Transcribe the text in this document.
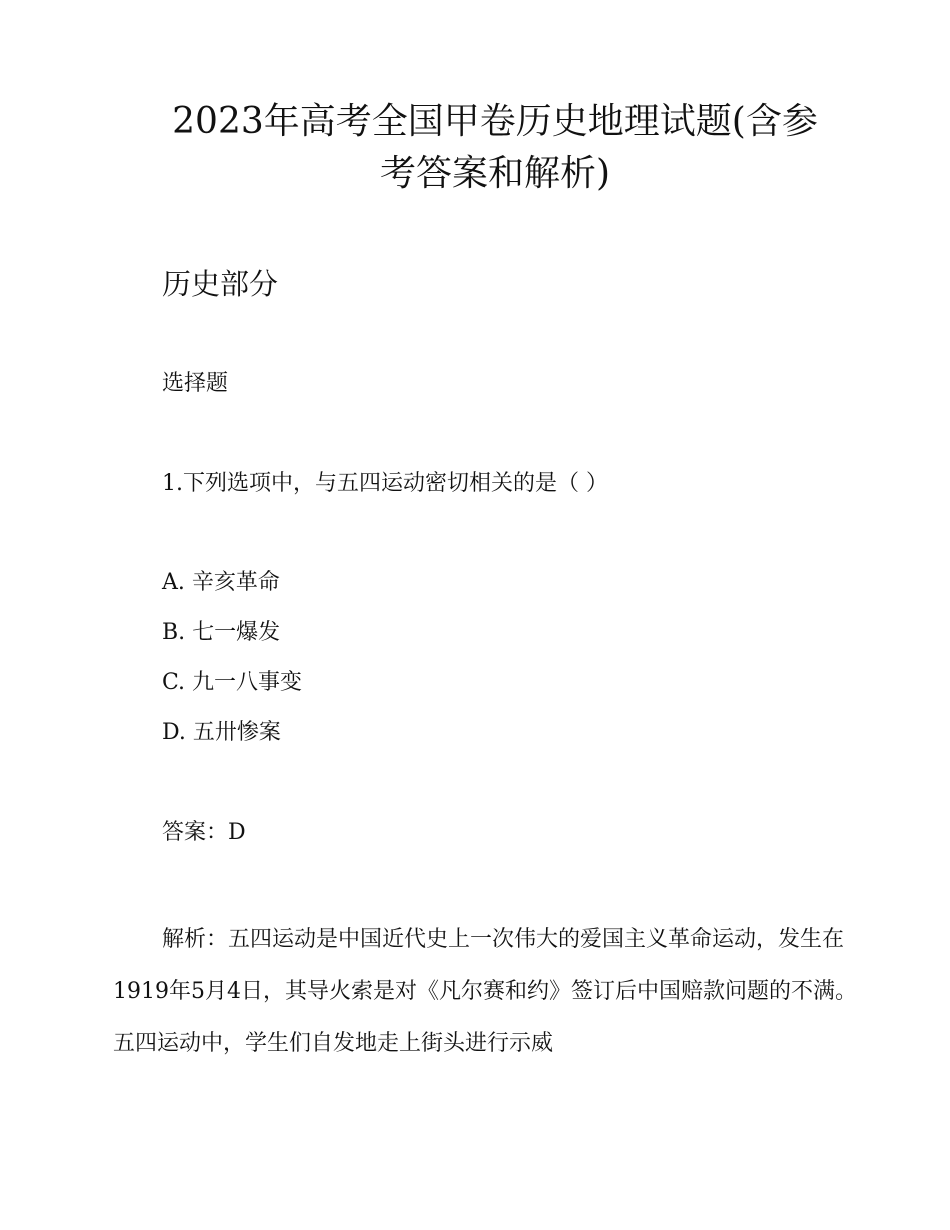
2023年高考全国甲卷历史地理试题(含参
考答案和解析)
历史部分
选择题
1.下列选项中，与五四运动密切相关的是（ ）
A. 辛亥革命
B. 七一爆发
C. 九一八事变
D. 五卅惨案
答案：D
解析：五四运动是中国近代史上一次伟大的爱国主义革命运动，发生在1919年5月4日，其导火索是对《凡尔赛和约》签订后中国赔款问题的不满。五四运动中，学生们自发地走上街头进行示威
